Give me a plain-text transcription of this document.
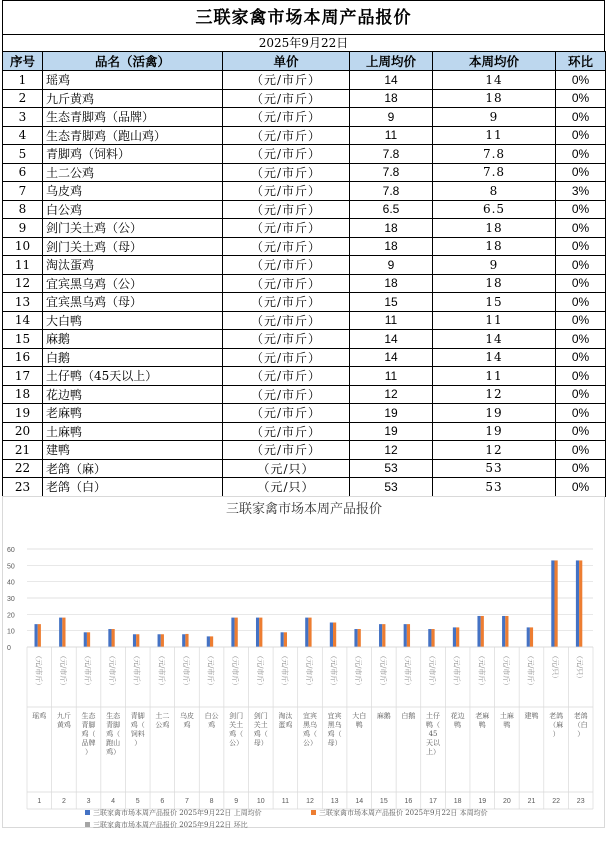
三联家禽市场本周产品报价
2025年9月22日
序号	品名（活禽）	单价	上周均价	本周均价	环比
1	瑶鸡	（元/市斤）	14	14	0%
2	九斤黄鸡	（元/市斤）	18	18	0%
3	生态青脚鸡（品牌）	（元/市斤）	9	9	0%
4	生态青脚鸡（跑山鸡）	（元/市斤）	11	11	0%
5	青脚鸡（饲料）	（元/市斤）	7.8	7.8	0%
6	土二公鸡	（元/市斤）	7.8	7.8	0%
7	乌皮鸡	（元/市斤）	7.8	8	3%
8	白公鸡	（元/市斤）	6.5	6.5	0%
9	剑门关土鸡（公）	（元/市斤）	18	18	0%
10	剑门关土鸡（母）	（元/市斤）	18	18	0%
11	淘汰蛋鸡	（元/市斤）	9	9	0%
12	宜宾黑乌鸡（公）	（元/市斤）	18	18	0%
13	宜宾黑乌鸡（母）	（元/市斤）	15	15	0%
14	大白鸭	（元/市斤）	11	11	0%
15	麻鹅	（元/市斤）	14	14	0%
16	白鹅	（元/市斤）	14	14	0%
17	土仔鸭（45天以上）	（元/市斤）	11	11	0%
18	花边鸭	（元/市斤）	12	12	0%
19	老麻鸭	（元/市斤）	19	19	0%
20	土麻鸭	（元/市斤）	19	19	0%
21	建鸭	（元/市斤）	12	12	0%
22	老鸽（麻）	（元/只）	53	53	0%
23	老鸽（白）	（元/只）	53	53	0%
三联家禽市场本周产品报价
0
10
20
30
40
50
60
（元/市斤）
瑶鸡
1
（元/市斤）
九斤黄鸡
2
（元/市斤）
生态青脚鸡（品牌）
3
（元/市斤）
生态青脚鸡（跑山鸡）
4
（元/市斤）
青脚鸡（饲料）
5
（元/市斤）
土二公鸡
6
（元/市斤）
乌皮鸡
7
（元/市斤）
白公鸡
8
（元/市斤）
剑门关土鸡（公）
9
（元/市斤）
剑门关土鸡（母）
10
（元/市斤）
淘汰蛋鸡
11
（元/市斤）
宜宾黑乌鸡（公）
12
（元/市斤）
宜宾黑乌鸡（母）
13
（元/市斤）
大白鸭
14
（元/市斤）
麻鹅
15
（元/市斤）
白鹅
16
（元/市斤）
土仔鸭（ 45 天以上）
17
（元/市斤）
花边鸭
18
（元/市斤）
老麻鸭
19
（元/市斤）
土麻鸭
20
（元/市斤）
建鸭
21
（元/只）
老鸽（麻）
22
（元/只）
老鸽（白）
23
三联家禽市场本周产品报价 2025年9月22日 上周均价	三联家禽市场本周产品报价 2025年9月22日 本周均价
三联家禽市场本周产品报价 2025年9月22日 环比
